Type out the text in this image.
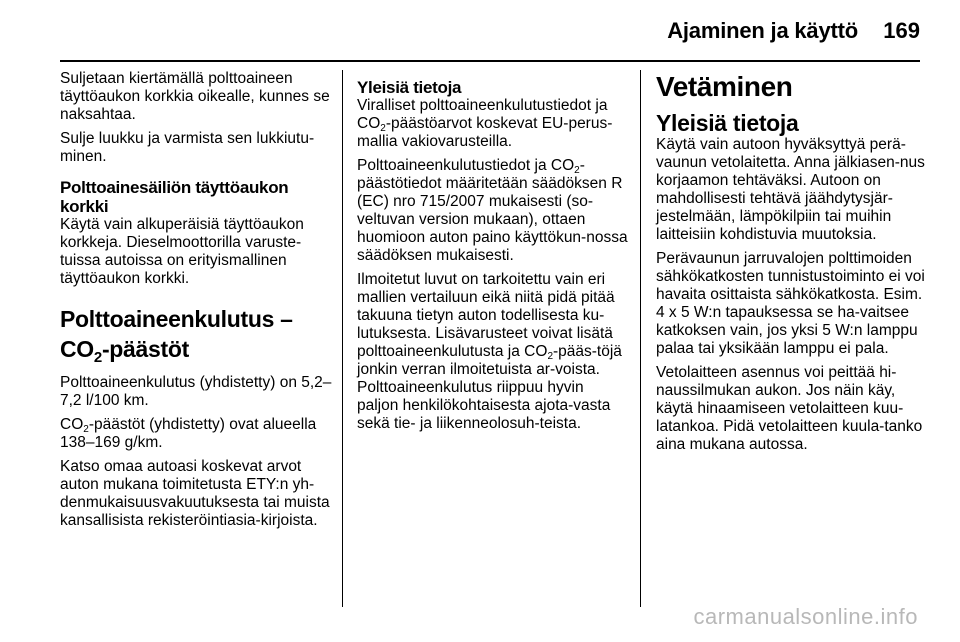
Ajaminen ja käyttö 169

Suljetaan kiertämällä polttoaineen täyttöaukon korkkia oikealle, kunnes se naksahtaa.

Sulje luukku ja varmista sen lukkiutu-minen.

Polttoainesäiliön täyttöaukon korkki

Käytä vain alkuperäisiä täyttöaukon korkkeja. Dieselmoottorilla varuste-tuissa autoissa on erityismallinen täyttöaukon korkki.

Polttoaineenkulutus –
$CO_2$-päästöt

Polttoaineenkulutus (yhdistetty) on 5,2–7,2 l/100 km.

$CO_2$-päästöt (yhdistetty) ovat alueella 138–169 g/km.

Katso omaa autoasi koskevat arvot auton mukana toimitetusta ETY:n yh-denmukaisuusvakuutuksesta tai muista kansallisista rekisteröintiasia-kirjoista.

Yleisiä tietoja

Viralliset polttoaineenkulutustiedot ja $CO_2$-päästöarvot koskevat EU-perus-mallia vakiovarusteilla.

Polttoaineenkulutustiedot ja $CO_2$-päästötiedot määritetään säädöksen R (EC) nro 715/2007 mukaisesti (so-veltuvan version mukaan), ottaen huomioon auton paino käyttökun-nossa säädöksen mukaisesti.

Ilmoitetut luvut on tarkoitettu vain eri mallien vertailuun eikä niitä pidä pitää takuuna tietyn auton todellisesta ku-lutuksesta. Lisävarusteet voivat lisätä polttoaineenkulutusta ja $CO_2-pääs$-töjä jonkin verran ilmoitetuista ar-voista. Polttoaineenkulutus riippuu hyvin paljon henkilökohtaisesta ajota-vasta sekä tie- ja liikenneolosuh-teista.

Vetäminen
Yleisiä tietoja

Käytä vain autoon hyväksyttyä perä-vaunun vetolaitetta. Anna jälkiasen-nus korjaamon tehtäväksi. Autoon on mahdollisesti tehtävä jäähdytysjär-jestelmään, lämpökilpiin tai muihin laitteisiin kohdistuvia muutoksia.

Perävaunun jarruvalojen polttimoiden sähkökatkosten tunnistustoiminto ei voi havaita osittaista sähkökatkosta. Esim. 4 x 5 W:n tapauksessa se ha-vaitsee katkoksen vain, jos yksi 5 W:n lamppu palaa tai yksikään lamppu ei pala.

Vetolaitteen asennus voi peittää hi-naussilmukan aukon. Jos näin käy, käytä hinaamiseen vetolaitteen kuu-latankoa. Pidä vetolaitteen kuula-tanko aina mukana autossa.

carmanualsonline.info
